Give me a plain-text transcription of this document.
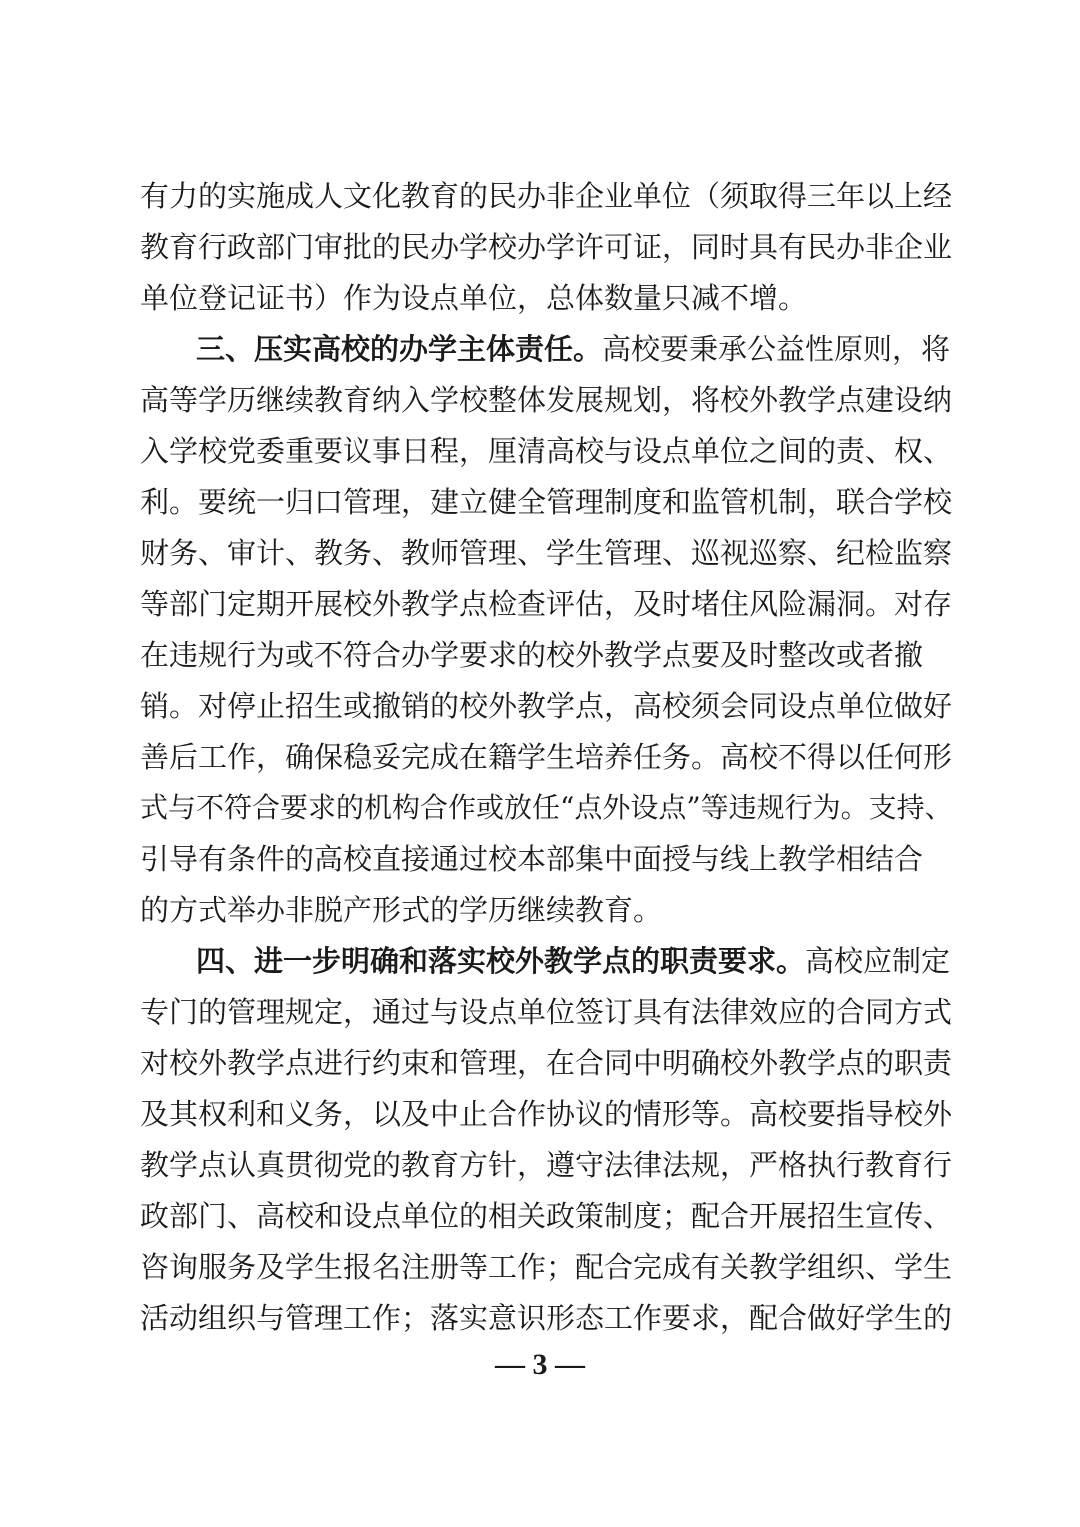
有力的实施成人文化教育的民办非企业单位（须取得三年以上经
教育行政部门审批的民办学校办学许可证，同时具有民办非企业
单位登记证书）作为设点单位，总体数量只减不增。
三、压实高校的办学主体责任。高校要秉承公益性原则，将
高等学历继续教育纳入学校整体发展规划，将校外教学点建设纳
入学校党委重要议事日程，厘清高校与设点单位之间的责、权、
利。要统一归口管理，建立健全管理制度和监管机制，联合学校
财务、审计、教务、教师管理、学生管理、巡视巡察、纪检监察
等部门定期开展校外教学点检查评估，及时堵住风险漏洞。对存
在违规行为或不符合办学要求的校外教学点要及时整改或者撤
销。对停止招生或撤销的校外教学点，高校须会同设点单位做好
善后工作，确保稳妥完成在籍学生培养任务。高校不得以任何形
式与不符合要求的机构合作或放任“点外设点”等违规行为。支持、
引导有条件的高校直接通过校本部集中面授与线上教学相结合
的方式举办非脱产形式的学历继续教育。
四、进一步明确和落实校外教学点的职责要求。高校应制定
专门的管理规定，通过与设点单位签订具有法律效应的合同方式
对校外教学点进行约束和管理，在合同中明确校外教学点的职责
及其权利和义务，以及中止合作协议的情形等。高校要指导校外
教学点认真贯彻党的教育方针，遵守法律法规，严格执行教育行
政部门、高校和设点单位的相关政策制度；配合开展招生宣传、
咨询服务及学生报名注册等工作；配合完成有关教学组织、学生
活动组织与管理工作；落实意识形态工作要求，配合做好学生的
— 3 —
